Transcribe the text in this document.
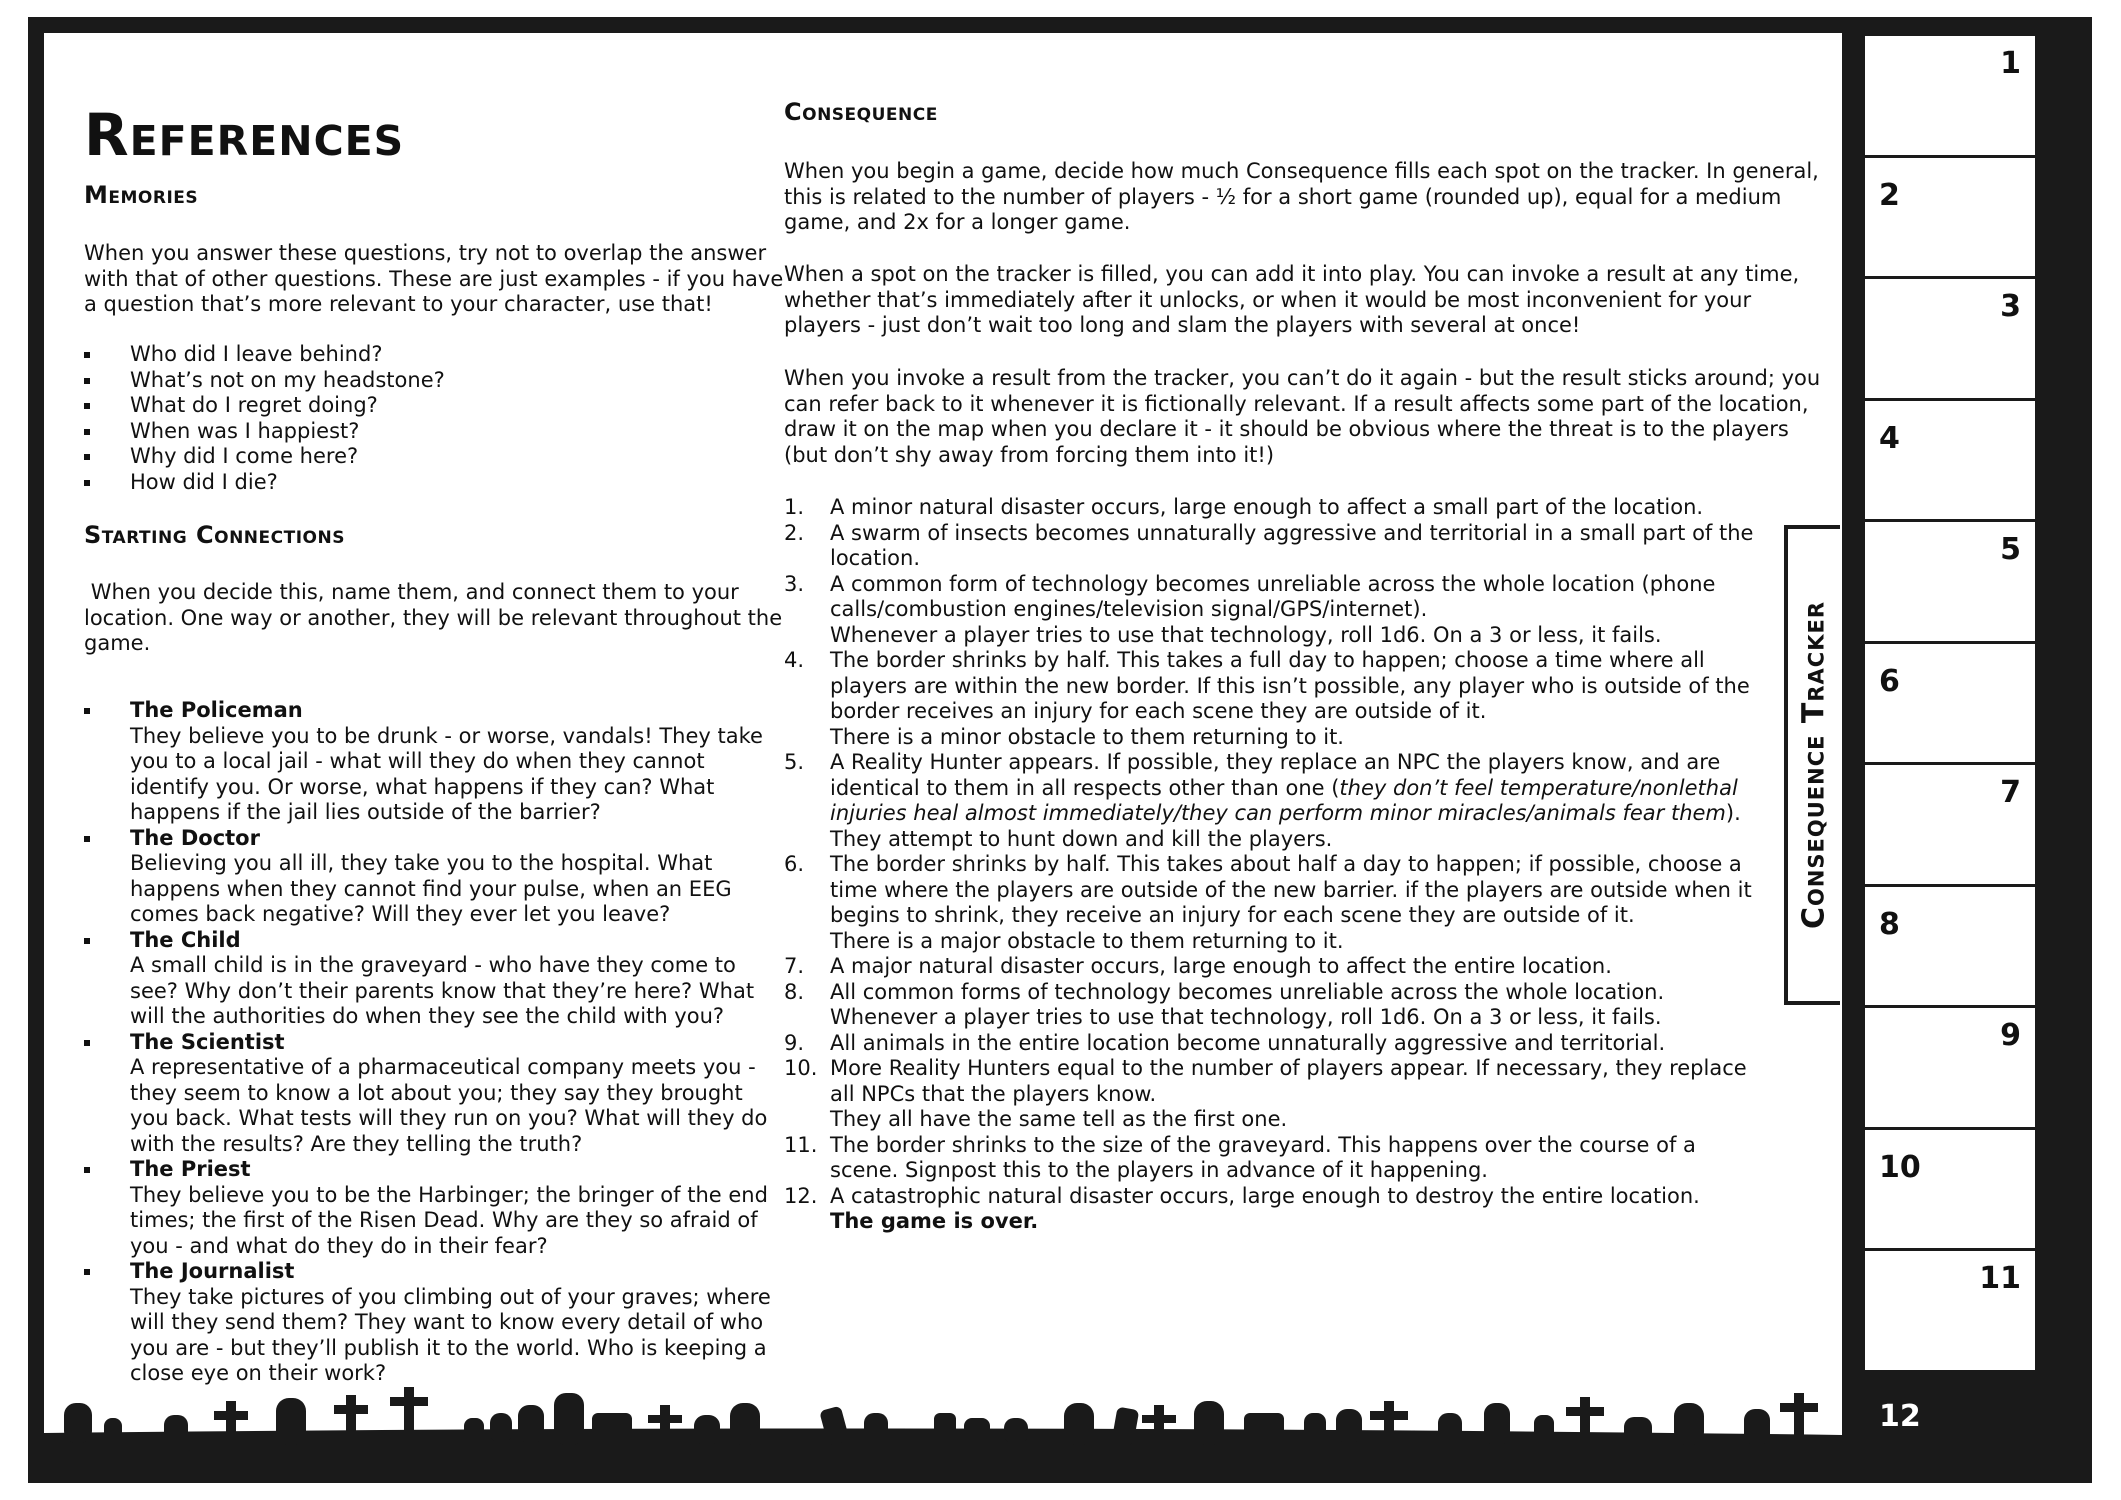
References
Memories

When you answer these questions, try not to overlap the answer with that of other questions. These are just examples - if you have a question that’s more relevant to your character, use that!

Who did I leave behind?
What’s not on my headstone?
What do I regret doing?
When was I happiest?
Why did I come here?
How did I die?
Starting Connections

When you decide this, name them, and connect them to your location. One way or another, they will be relevant throughout the game.

The Policeman
They believe you to be drunk - or worse, vandals! They take you to a local jail - what will they do when they cannot identify you. Or worse, what happens if they can? What happens if the jail lies outside of the barrier?
The Doctor
Believing you all ill, they take you to the hospital. What happens when they cannot find your pulse, when an EEG comes back negative? Will they ever let you leave?
The Child
A small child is in the graveyard - who have they come to see? Why don’t their parents know that they’re here? What will the authorities do when they see the child with you?
The Scientist
A representative of a pharmaceutical company meets you - they seem to know a lot about you; they say they brought you back. What tests will they run on you? What will they do with the results? Are they telling the truth?
The Priest
They believe you to be the Harbinger; the bringer of the end times; the first of the Risen Dead. Why are they so afraid of you - and what do they do in their fear?
The Journalist
They take pictures of you climbing out of your graves; where will they send them? They want to know every detail of who you are - but they’ll publish it to the world. Who is keeping a close eye on their work?
Consequence

When you begin a game, decide how much Consequence fills each spot on the tracker. In general, this is related to the number of players - ½ for a short game (rounded up), equal for a medium game, and 2x for a longer game.

When a spot on the tracker is filled, you can add it into play. You can invoke a result at any time, whether that’s immediately after it unlocks, or when it would be most inconvenient for your players - just don’t wait too long and slam the players with several at once!

When you invoke a result from the tracker, you can’t do it again - but the result sticks around; you can refer back to it whenever it is fictionally relevant. If a result affects some part of the location, draw it on the map when you declare it - it should be obvious where the threat is to the players (but don’t shy away from forcing them into it!)

1. A minor natural disaster occurs, large enough to affect a small part of the location.
2. A swarm of insects becomes unnaturally aggressive and territorial in a small part of the location.
3. A common form of technology becomes unreliable across the whole location (phone calls/combustion engines/television signal/GPS/internet).
Whenever a player tries to use that technology, roll 1d6. On a 3 or less, it fails.
4. The border shrinks by half. This takes a full day to happen; choose a time where all players are within the new border. If this isn’t possible, any player who is outside of the border receives an injury for each scene they are outside of it.
There is a minor obstacle to them returning to it.
5. A Reality Hunter appears. If possible, they replace an NPC the players know, and are identical to them in all respects other than one (they don’t feel temperature/nonlethal injuries heal almost immediately/they can perform minor miracles/animals fear them).
They attempt to hunt down and kill the players.
6. The border shrinks by half. This takes about half a day to happen; if possible, choose a time where the players are outside of the new barrier. if the players are outside when it begins to shrink, they receive an injury for each scene they are outside of it.
There is a major obstacle to them returning to it.
7. A major natural disaster occurs, large enough to affect the entire location.
8. All common forms of technology becomes unreliable across the whole location.
Whenever a player tries to use that technology, roll 1d6. On a 3 or less, it fails.
9. All animals in the entire location become unnaturally aggressive and territorial.
10. More Reality Hunters equal to the number of players appear. If necessary, they replace all NPCs that the players know.
They all have the same tell as the first one.
11. The border shrinks to the size of the graveyard. This happens over the course of a scene. Signpost this to the players in advance of it happening.
12. A catastrophic natural disaster occurs, large enough to destroy the entire location.
The game is over.
1
2
3
4
5
6
7
8
9
10
11
12
Consequence Tracker
